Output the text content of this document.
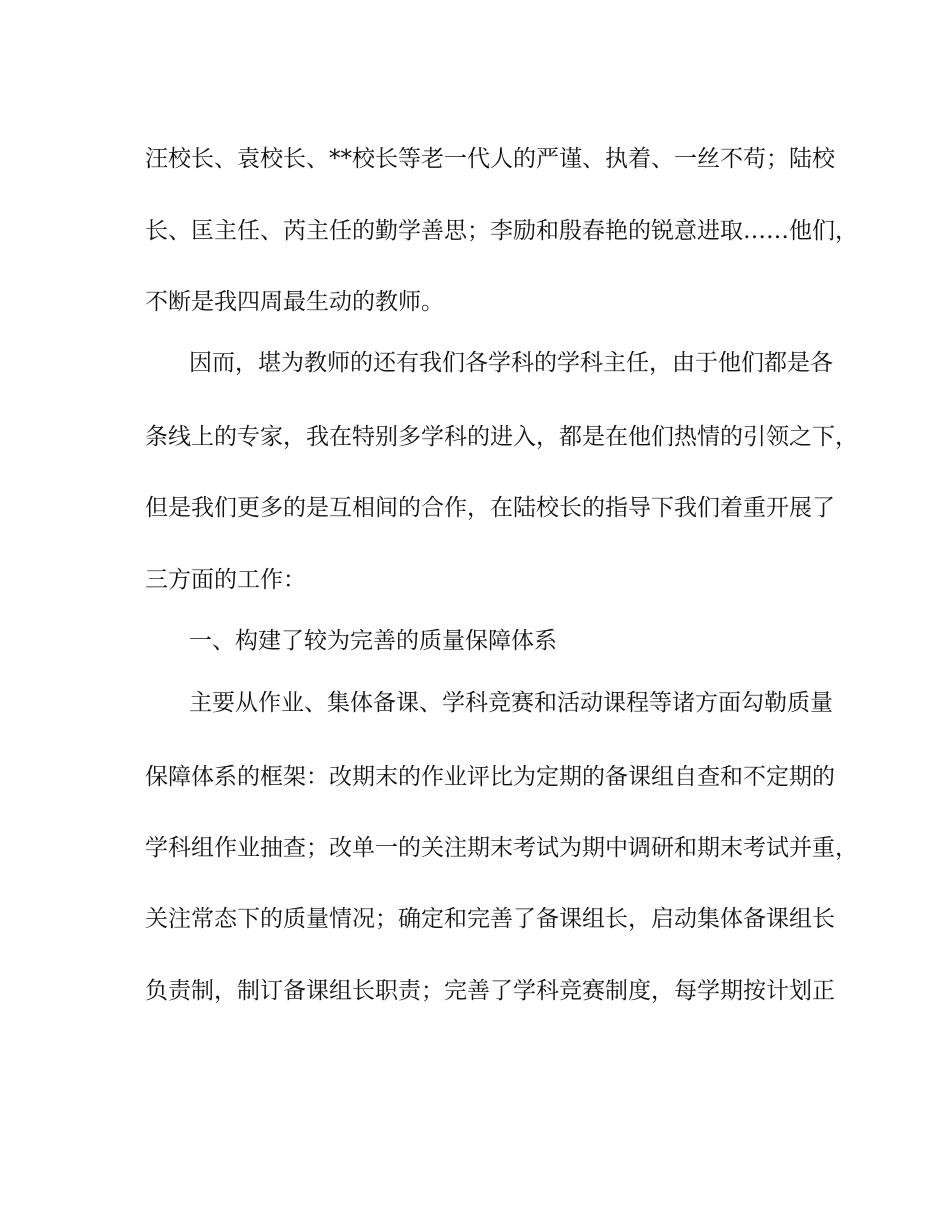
汪校长、袁校长、**校长等老一代人的严谨、执着、一丝不苟；陆校
长、匡主任、芮主任的勤学善思；李励和殷春艳的锐意进取……他们，
不断是我四周最生动的教师。
因而，堪为教师的还有我们各学科的学科主任，由于他们都是各
条线上的专家，我在特别多学科的进入，都是在他们热情的引领之下，
但是我们更多的是互相间的合作，在陆校长的指导下我们着重开展了
三方面的工作：
一、构建了较为完善的质量保障体系
主要从作业、集体备课、学科竞赛和活动课程等诸方面勾勒质量
保障体系的框架：改期末的作业评比为定期的备课组自查和不定期的
学科组作业抽查；改单一的关注期末考试为期中调研和期末考试并重，
关注常态下的质量情况；确定和完善了备课组长，启动集体备课组长
负责制，制订备课组长职责；完善了学科竞赛制度，每学期按计划正
